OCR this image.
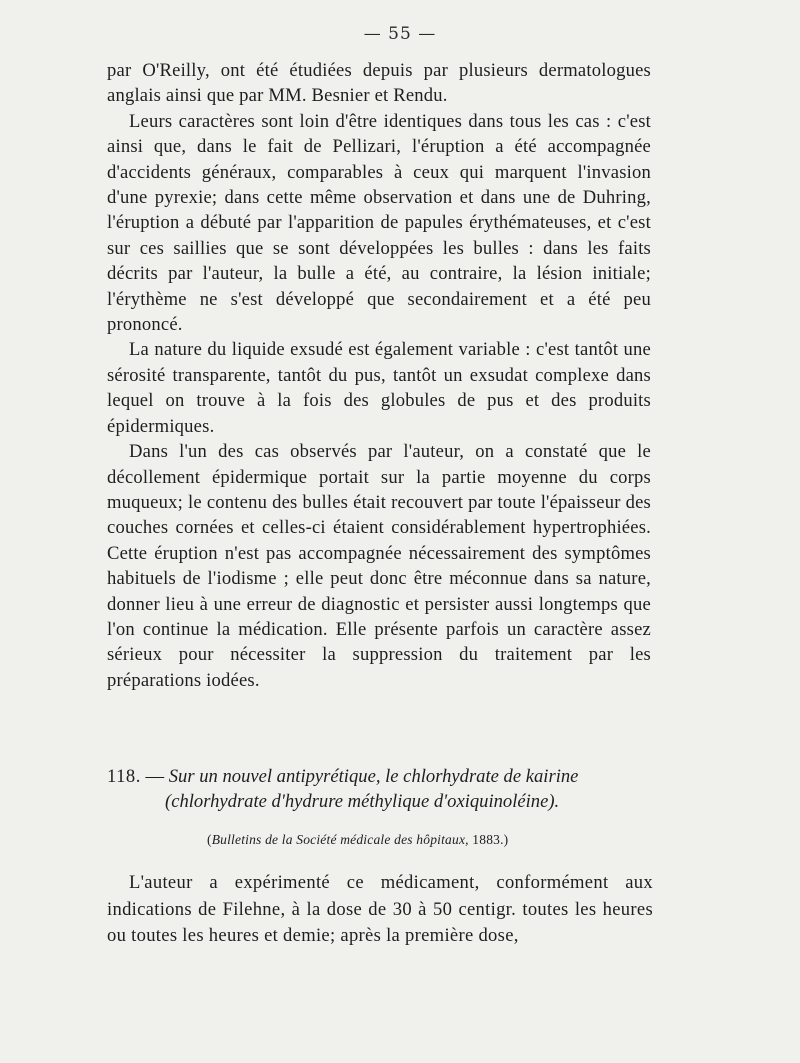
— 55 —

par O'Reilly, ont été étudiées depuis par plusieurs dermatologues anglais ainsi que par MM. Besnier et Rendu.

Leurs caractères sont loin d'être identiques dans tous les cas : c'est ainsi que, dans le fait de Pellizari, l'éruption a été accompagnée d'accidents généraux, comparables à ceux qui marquent l'invasion d'une pyrexie; dans cette même observation et dans une de Duhring, l'éruption a débuté par l'apparition de papules érythémateuses, et c'est sur ces saillies que se sont développées les bulles : dans les faits décrits par l'auteur, la bulle a été, au contraire, la lésion initiale; l'érythème ne s'est développé que secondairement et a été peu prononcé.

La nature du liquide exsudé est également variable : c'est tantôt une sérosité transparente, tantôt du pus, tantôt un exsudat complexe dans lequel on trouve à la fois des globules de pus et des produits épidermiques.

Dans l'un des cas observés par l'auteur, on a constaté que le décollement épidermique portait sur la partie moyenne du corps muqueux; le contenu des bulles était recouvert par toute l'épaisseur des couches cornées et celles-ci étaient considérablement hypertrophiées. Cette éruption n'est pas accompagnée nécessairement des symptômes habituels de l'iodisme ; elle peut donc être méconnue dans sa nature, donner lieu à une erreur de diagnostic et persister aussi longtemps que l'on continue la médication. Elle présente parfois un caractère assez sérieux pour nécessiter la suppression du traitement par les préparations iodées.

118. — Sur un nouvel antipyrétique, le chlorhydrate de kairine (chlorhydrate d'hydrure méthylique d'oxiquinoléine).

(Bulletins de la Société médicale des hôpitaux, 1883.)

L'auteur a expérimenté ce médicament, conformément aux indications de Filehne, à la dose de 30 à 50 centigr. toutes les heures ou toutes les heures et demie; après la première dose,
